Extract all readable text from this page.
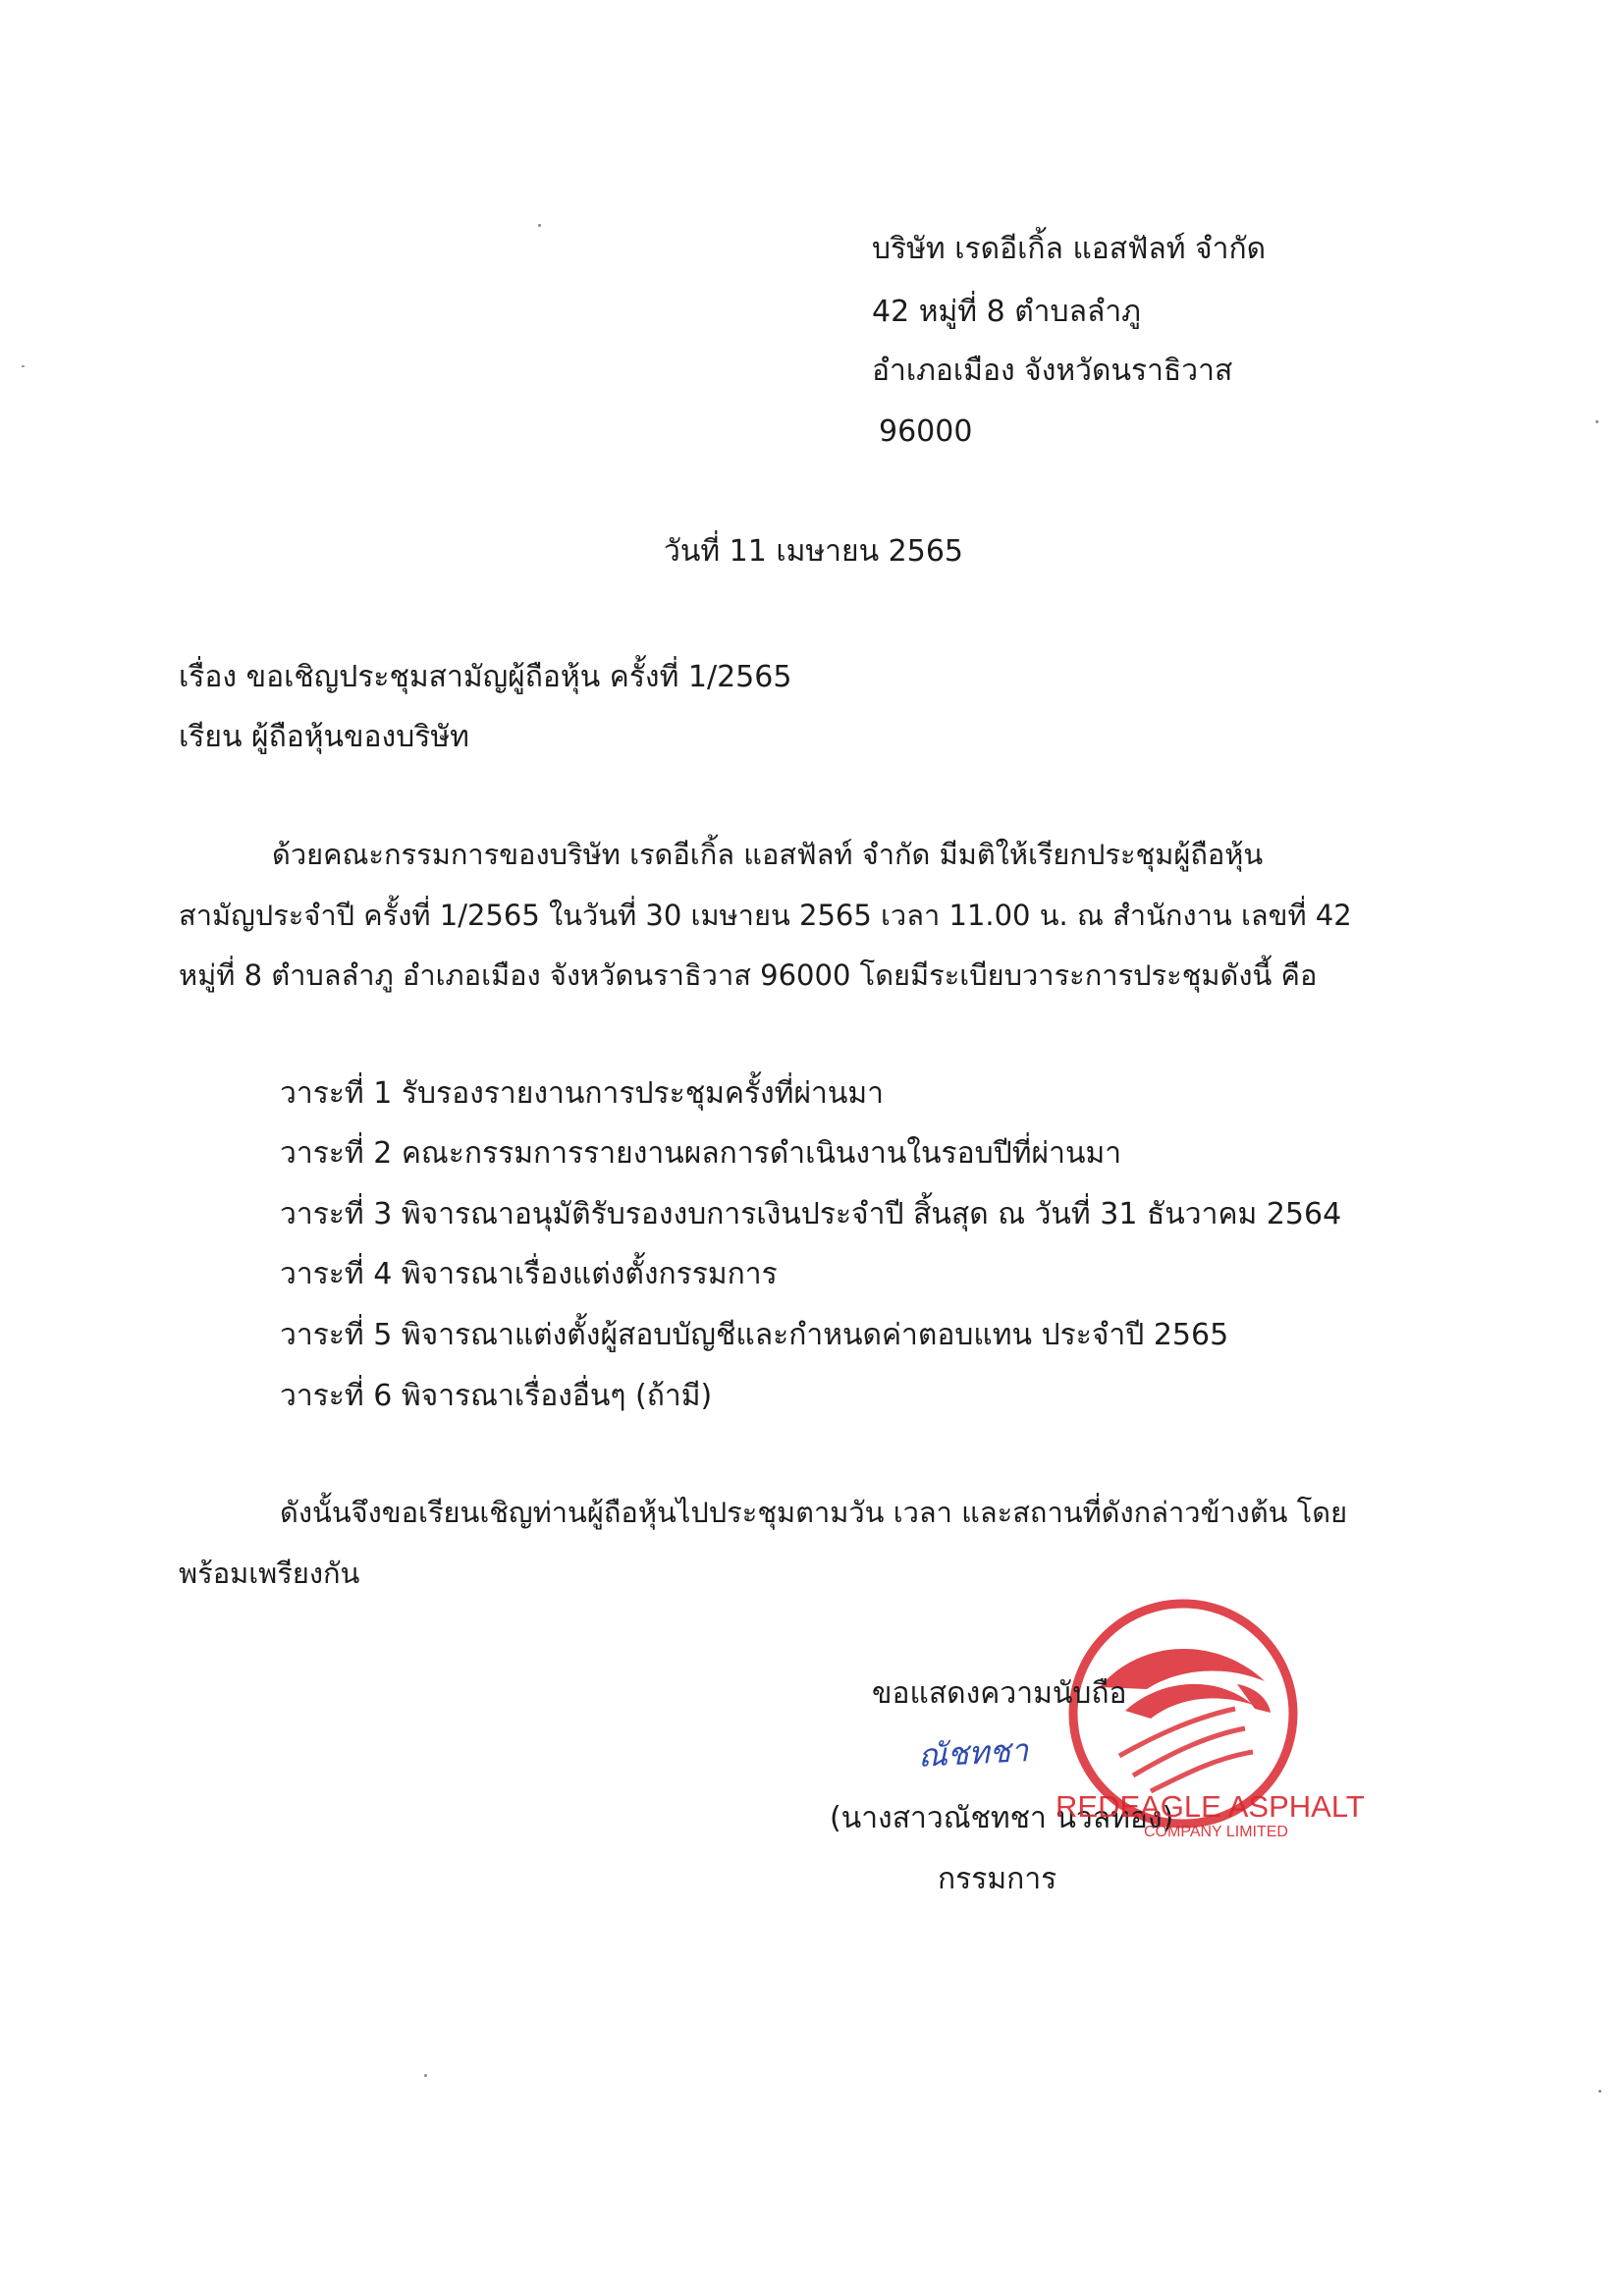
บริษัท เรดอีเกิ้ล แอสฟัลท์ จำกัด
42 หมู่ที่ 8 ตำบลลำภู
อำเภอเมือง จังหวัดนราธิวาส
96000
วันที่ 11 เมษายน 2565
เรื่อง ขอเชิญประชุมสามัญผู้ถือหุ้น ครั้งที่ 1/2565
เรียน ผู้ถือหุ้นของบริษัท
ด้วยคณะกรรมการของบริษัท เรดอีเกิ้ล แอสฟัลท์ จำกัด มีมติให้เรียกประชุมผู้ถือหุ้น
สามัญประจำปี ครั้งที่ 1/2565 ในวันที่ 30 เมษายน 2565 เวลา 11.00 น. ณ สำนักงาน เลขที่ 42
หมู่ที่ 8 ตำบลลำภู อำเภอเมือง จังหวัดนราธิวาส 96000 โดยมีระเบียบวาระการประชุมดังนี้ คือ
วาระที่ 1 รับรองรายงานการประชุมครั้งที่ผ่านมา
วาระที่ 2 คณะกรรมการรายงานผลการดำเนินงานในรอบปีที่ผ่านมา
วาระที่ 3 พิจารณาอนุมัติรับรองงบการเงินประจำปี สิ้นสุด ณ วันที่ 31 ธันวาคม 2564
วาระที่ 4 พิจารณาเรื่องแต่งตั้งกรรมการ
วาระที่ 5 พิจารณาแต่งตั้งผู้สอบบัญชีและกำหนดค่าตอบแทน ประจำปี 2565
วาระที่ 6 พิจารณาเรื่องอื่นๆ (ถ้ามี)
ดังนั้นจึงขอเรียนเชิญท่านผู้ถือหุ้นไปประชุมตามวัน เวลา และสถานที่ดังกล่าวข้างต้น โดย
พร้อมเพรียงกัน
ขอแสดงความนับถือ
ณัชทชา
(นางสาวณัชทชา นวลทอง)
กรรมการ
REDEAGLE ASPHALT
COMPANY LIMITED
